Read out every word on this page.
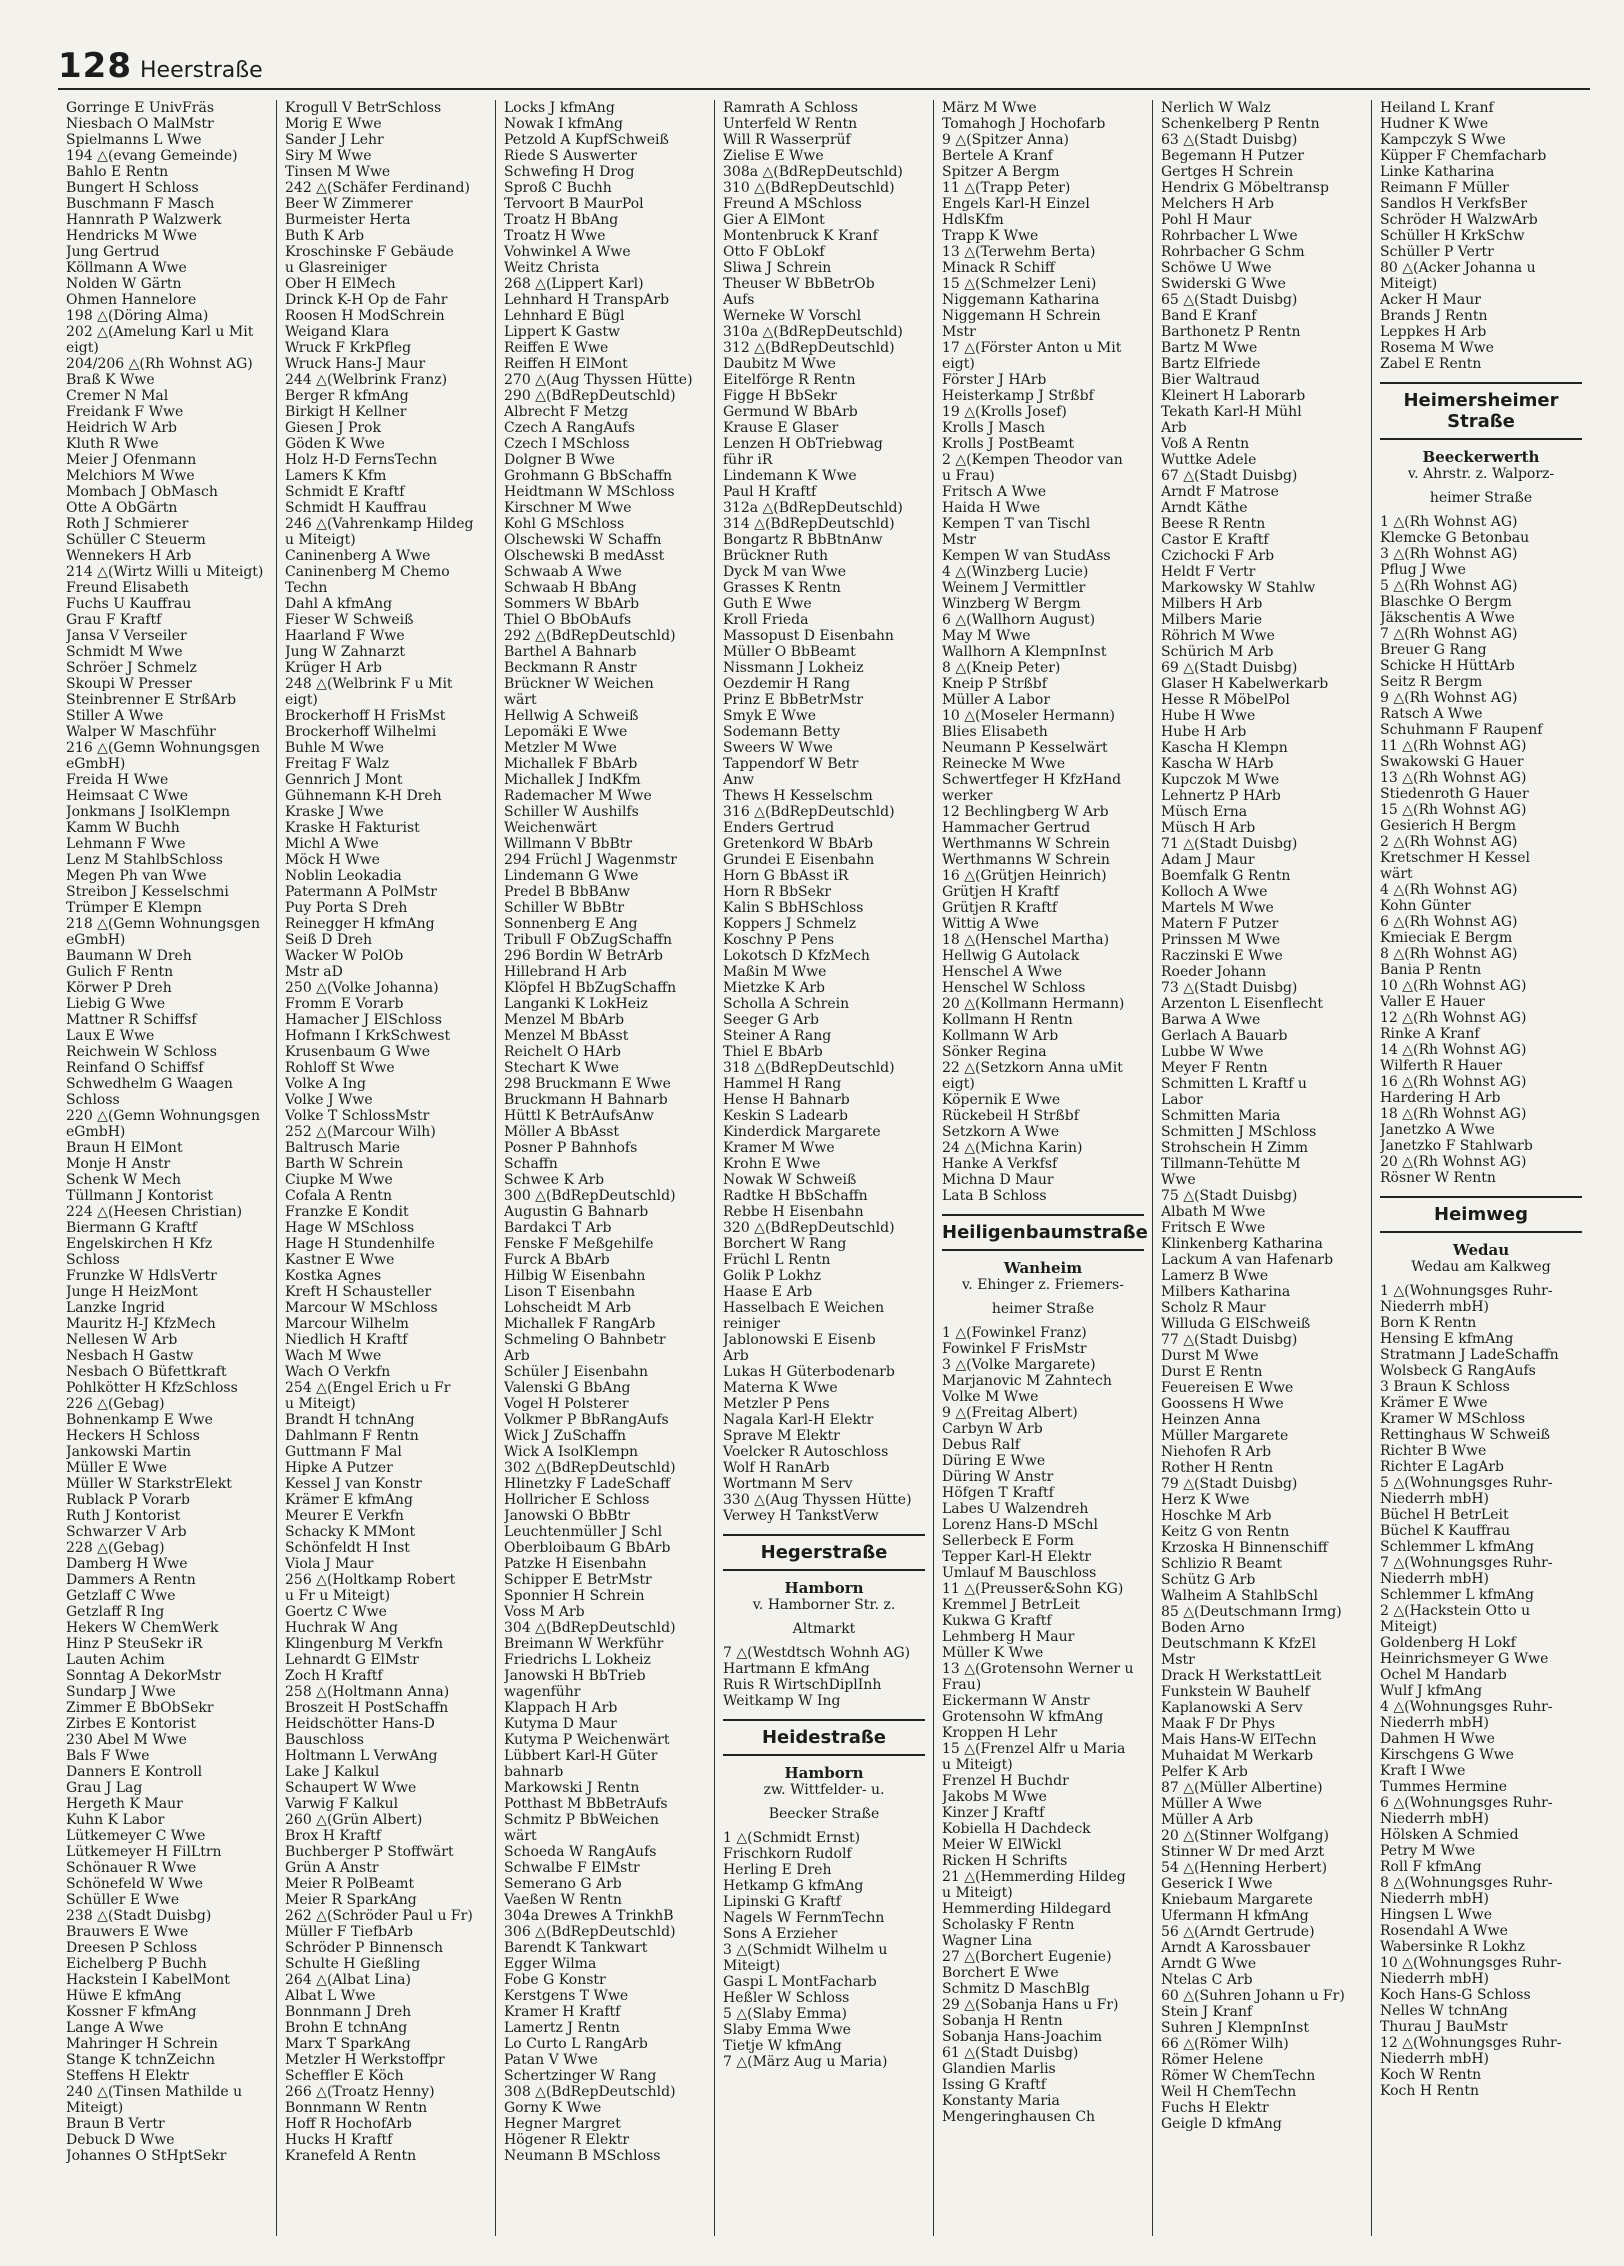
128 Heerstraße
Gorringe E UnivFräs
Niesbach O MalMstr
Spielmanns L Wwe
194 △(evang Gemeinde)
Bahlo E Rentn
Bungert H Schloss
Buschmann F Masch
Hannrath P Walzwerk
Hendricks M Wwe
Jung Gertrud
Köllmann A Wwe
Nolden W Gärtn
Ohmen Hannelore
198 △(Döring Alma)
202 △(Amelung Karl u Mit
eigt)
204/206 △(Rh Wohnst AG)
Braß K Wwe
Cremer N Mal
Freidank F Wwe
Heidrich W Arb
Kluth R Wwe
Meier J Ofenmann
Melchiors M Wwe
Mombach J ObMasch
Otte A ObGärtn
Roth J Schmierer
Schüller C Steuerm
Wennekers H Arb
214 △(Wirtz Willi u Miteigt)
Freund Elisabeth
Fuchs U Kauffrau
Grau F Kraftf
Jansa V Verseiler
Schmidt M Wwe
Schröer J Schmelz
Skoupi W Presser
Steinbrenner E StrßArb
Stiller A Wwe
Walper W Maschführ
216 △(Gemn Wohnungsgen
eGmbH)
Freida H Wwe
Heimsaat C Wwe
Jonkmans J IsolKlempn
Kamm W Buchh
Lehmann F Wwe
Lenz M StahlbSchloss
Megen Ph van Wwe
Streibon J Kesselschmi
Trümper E Klempn
218 △(Gemn Wohnungsgen
eGmbH)
Baumann W Dreh
Gulich F Rentn
Körwer P Dreh
Liebig G Wwe
Mattner R Schiffsf
Laux E Wwe
Reichwein W Schloss
Reinfand O Schiffsf
Schwedhelm G Waagen
Schloss
220 △(Gemn Wohnungsgen
eGmbH)
Braun H ElMont
Monje H Anstr
Schenk W Mech
Tüllmann J Kontorist
224 △(Heesen Christian)
Biermann G Kraftf
Engelskirchen H Kfz
Schloss
Frunzke W HdlsVertr
Junge H HeizMont
Lanzke Ingrid
Mauritz H-J KfzMech
Nellesen W Arb
Nesbach H Gastw
Nesbach O Büfettkraft
Pohlkötter H KfzSchloss
226 △(Gebag)
Bohnenkamp E Wwe
Heckers H Schloss
Jankowski Martin
Müller E Wwe
Müller W StarkstrElekt
Rublack P Vorarb
Ruth J Kontorist
Schwarzer V Arb
228 △(Gebag)
Damberg H Wwe
Dammers A Rentn
Getzlaff C Wwe
Getzlaff R Ing
Hekers W ChemWerk
Hinz P SteuSekr iR
Lauten Achim
Sonntag A DekorMstr
Sundarp J Wwe
Zimmer E BbObSekr
Zirbes E Kontorist
230 Abel M Wwe
Bals F Wwe
Danners E Kontroll
Grau J Lag
Hergeth K Maur
Kuhn K Labor
Lütkemeyer C Wwe
Lütkemeyer H FilLtrn
Schönauer R Wwe
Schönefeld W Wwe
Schüller E Wwe
238 △(Stadt Duisbg)
Brauwers E Wwe
Dreesen P Schloss
Eichelberg P Buchh
Hackstein I KabelMont
Hüwe E kfmAng
Kossner F kfmAng
Lange A Wwe
Mahringer H Schrein
Stange K tchnZeichn
Steffens H Elektr
240 △(Tinsen Mathilde u
Miteigt)
Braun B Vertr
Debuck D Wwe
Johannes O StHptSekr
Krogull V BetrSchloss
Morig E Wwe
Sander J Lehr
Siry M Wwe
Tinsen M Wwe
242 △(Schäfer Ferdinand)
Beer W Zimmerer
Burmeister Herta
Buth K Arb
Kroschinske F Gebäude
u Glasreiniger
Ober H ElMech
Drinck K-H Op de Fahr
Roosen H ModSchrein
Weigand Klara
Wruck F KrkPfleg
Wruck Hans-J Maur
244 △(Welbrink Franz)
Berger R kfmAng
Birkigt H Kellner
Giesen J Prok
Göden K Wwe
Holz H-D FernsTechn
Lamers K Kfm
Schmidt E Kraftf
Schmidt H Kauffrau
246 △(Vahrenkamp Hildeg
u Miteigt)
Caninenberg A Wwe
Caninenberg M Chemo
Techn
Dahl A kfmAng
Fieser W Schweiß
Haarland F Wwe
Jung W Zahnarzt
Krüger H Arb
248 △(Welbrink F u Mit
eigt)
Brockerhoff H FrisMst
Brockerhoff Wilhelmi
Buhle M Wwe
Freitag F Walz
Gennrich J Mont
Gühnemann K-H Dreh
Kraske J Wwe
Kraske H Fakturist
Michl A Wwe
Möck H Wwe
Noblin Leokadia
Patermann A PolMstr
Puy Porta S Dreh
Reinegger H kfmAng
Seiß D Dreh
Wacker W PolOb
Mstr aD
250 △(Volke Johanna)
Fromm E Vorarb
Hamacher J ElSchloss
Hofmann I KrkSchwest
Krusenbaum G Wwe
Rohloff St Wwe
Volke A Ing
Volke J Wwe
Volke T SchlossMstr
252 △(Marcour Wilh)
Baltrusch Marie
Barth W Schrein
Ciupke M Wwe
Cofala A Rentn
Franzke E Kondit
Hage W MSchloss
Hage H Stundenhilfe
Kastner E Wwe
Kostka Agnes
Kreft H Schausteller
Marcour W MSchloss
Marcour Wilhelm
Niedlich H Kraftf
Wach M Wwe
Wach O Verkfn
254 △(Engel Erich u Fr
u Miteigt)
Brandt H tchnAng
Dahlmann F Rentn
Guttmann F Mal
Hipke A Putzer
Kessel J van Konstr
Krämer E kfmAng
Meurer E Verkfn
Schacky K MMont
Schönfeldt H Inst
Viola J Maur
256 △(Holtkamp Robert
u Fr u Miteigt)
Goertz C Wwe
Huchrak W Ang
Klingenburg M Verkfn
Lehnardt G ElMstr
Zoch H Kraftf
258 △(Holtmann Anna)
Broszeit H PostSchaffn
Heidschötter Hans-D
Bauschloss
Holtmann L VerwAng
Lake J Kalkul
Schaupert W Wwe
Varwig F Kalkul
260 △(Grün Albert)
Brox H Kraftf
Buchberger P Stoffwärt
Grün A Anstr
Meier R PolBeamt
Meier R SparkAng
262 △(Schröder Paul u Fr)
Müller F TiefbArb
Schröder P Binnensch
Schulte H Gießling
264 △(Albat Lina)
Albat L Wwe
Bonnmann J Dreh
Brohn E tchnAng
Marx T SparkAng
Metzler H Werkstoffpr
Scheffler E Köch
266 △(Troatz Henny)
Bonnmann W Rentn
Hoff R HochofArb
Hucks H Kraftf
Kranefeld A Rentn
Locks J kfmAng
Nowak I kfmAng
Petzold A KupfSchweiß
Riede S Auswerter
Schwefing H Drog
Sproß C Buchh
Tervoort B MaurPol
Troatz H BbAng
Troatz H Wwe
Vohwinkel A Wwe
Weitz Christa
268 △(Lippert Karl)
Lehnhard H TranspArb
Lehnhard E Bügl
Lippert K Gastw
Reiffen E Wwe
Reiffen H ElMont
270 △(Aug Thyssen Hütte)
290 △(BdRepDeutschld)
Albrecht F Metzg
Czech A RangAufs
Czech I MSchloss
Dolgner B Wwe
Grohmann G BbSchaffn
Heidtmann W MSchloss
Kirschner M Wwe
Kohl G MSchloss
Olschewski W Schaffn
Olschewski B medAsst
Schwaab A Wwe
Schwaab H BbAng
Sommers W BbArb
Thiel O BbObAufs
292 △(BdRepDeutschld)
Barthel A Bahnarb
Beckmann R Anstr
Brückner W Weichen
wärt
Hellwig A Schweiß
Lepomäki E Wwe
Metzler M Wwe
Michallek F BbArb
Michallek J IndKfm
Rademacher M Wwe
Schiller W Aushilfs
Weichenwärt
Willmann V BbBtr
294 Früchl J Wagenmstr
Lindemann G Wwe
Predel B BbBAnw
Schiller W BbBtr
Sonnenberg E Ang
Tribull F ObZugSchaffn
296 Bordin W BetrArb
Hillebrand H Arb
Klöpfel H BbZugSchaffn
Langanki K LokHeiz
Menzel M BbArb
Menzel M BbAsst
Reichelt O HArb
Stechart K Wwe
298 Bruckmann E Wwe
Bruckmann H Bahnarb
Hüttl K BetrAufsAnw
Möller A BbAsst
Posner P Bahnhofs
Schaffn
Schwee K Arb
300 △(BdRepDeutschld)
Augustin G Bahnarb
Bardakci T Arb
Fenske F Meßgehilfe
Furck A BbArb
Hilbig W Eisenbahn
Lison T Eisenbahn
Lohscheidt M Arb
Michallek F RangArb
Schmeling O Bahnbetr
Arb
Schüler J Eisenbahn
Valenski G BbAng
Vogel H Polsterer
Volkmer P BbRangAufs
Wick J ZuSchaffn
Wick A IsolKlempn
302 △(BdRepDeutschld)
Hlinetzky F LadeSchaff
Hollricher E Schloss
Janowski O BbBtr
Leuchtenmüller J Schl
Oberbloibaum G BbArb
Patzke H Eisenbahn
Schipper E BetrMstr
Sponnier H Schrein
Voss M Arb
304 △(BdRepDeutschld)
Breimann W Werkführ
Friedrichs L Lokheiz
Janowski H BbTrieb
wagenführ
Klappach H Arb
Kutyma D Maur
Kutyma P Weichenwärt
Lübbert Karl-H Güter
bahnarb
Markowski J Rentn
Potthast M BbBetrAufs
Schmitz P BbWeichen
wärt
Schoeda W RangAufs
Schwalbe F ElMstr
Semerano G Arb
Vaeßen W Rentn
304a Drewes A TrinkhB
306 △(BdRepDeutschld)
Barendt K Tankwart
Egger Wilma
Fobe G Konstr
Kerstgens T Wwe
Kramer H Kraftf
Lamertz J Rentn
Lo Curto L RangArb
Patan V Wwe
Schertzinger W Rang
308 △(BdRepDeutschld)
Gorny K Wwe
Hegner Margret
Högener R Elektr
Neumann B MSchloss
Ramrath A Schloss
Unterfeld W Rentn
Will R Wasserprüf
Zielise E Wwe
308a △(BdRepDeutschld)
310 △(BdRepDeutschld)
Freund A MSchloss
Gier A ElMont
Montenbruck K Kranf
Otto F ObLokf
Sliwa J Schrein
Theuser W BbBetrOb
Aufs
Werneke W Vorschl
310a △(BdRepDeutschld)
312 △(BdRepDeutschld)
Daubitz M Wwe
Eitelförge R Rentn
Figge H BbSekr
Germund W BbArb
Krause E Glaser
Lenzen H ObTriebwag
führ iR
Lindemann K Wwe
Paul H Kraftf
312a △(BdRepDeutschld)
314 △(BdRepDeutschld)
Bongartz R BbBtnAnw
Brückner Ruth
Dyck M van Wwe
Grasses K Rentn
Guth E Wwe
Kroll Frieda
Massopust D Eisenbahn
Müller O BbBeamt
Nissmann J Lokheiz
Oezdemir H Rang
Prinz E BbBetrMstr
Smyk E Wwe
Sodemann Betty
Sweers W Wwe
Tappendorf W Betr
Anw
Thews H Kesselschm
316 △(BdRepDeutschld)
Enders Gertrud
Gretenkord W BbArb
Grundei E Eisenbahn
Horn G BbAsst iR
Horn R BbSekr
Kalin S BbHSchloss
Koppers J Schmelz
Koschny P Pens
Lokotsch D KfzMech
Maßin M Wwe
Mietzke K Arb
Scholla A Schrein
Seeger G Arb
Steiner A Rang
Thiel E BbArb
318 △(BdRepDeutschld)
Hammel H Rang
Hense H Bahnarb
Keskin S Ladearb
Kinderdick Margarete
Kramer M Wwe
Krohn E Wwe
Nowak W Schweiß
Radtke H BbSchaffn
Rebbe H Eisenbahn
320 △(BdRepDeutschld)
Borchert W Rang
Früchl L Rentn
Golik P Lokhz
Haase E Arb
Hasselbach E Weichen
reiniger
Jablonowski E Eisenb
Arb
Lukas H Güterbodenarb
Materna K Wwe
Metzler P Pens
Nagala Karl-H Elektr
Sprave M Elektr
Voelcker R Autoschloss
Wolf H RanArb
Wortmann M Serv
330 △(Aug Thyssen Hütte)
Verwey H TankstVerw
Hegerstraße
Hamborn
v. Hamborner Str. z.
Altmarkt
7 △(Westdtsch Wohnh AG)
Hartmann E kfmAng
Ruis R WirtschDiplInh
Weitkamp W Ing
Heidestraße
Hamborn
zw. Wittfelder- u.
Beecker Straße
1 △(Schmidt Ernst)
Frischkorn Rudolf
Herling E Dreh
Hetkamp G kfmAng
Lipinski G Kraftf
Nagels W FernmTechn
Sons A Erzieher
3 △(Schmidt Wilhelm u
Miteigt)
Gaspi L MontFacharb
Heßler W Schloss
5 △(Slaby Emma)
Slaby Emma Wwe
Tietje W kfmAng
7 △(März Aug u Maria)
März M Wwe
Tomahogh J Hochofarb
9 △(Spitzer Anna)
Bertele A Kranf
Spitzer A Bergm
11 △(Trapp Peter)
Engels Karl-H Einzel
HdlsKfm
Trapp K Wwe
13 △(Terwehm Berta)
Minack R Schiff
15 △(Schmelzer Leni)
Niggemann Katharina
Niggemann H Schrein
Mstr
17 △(Förster Anton u Mit
eigt)
Förster J HArb
Heisterkamp J Strßbf
19 △(Krolls Josef)
Krolls J Masch
Krolls J PostBeamt
2 △(Kempen Theodor van
u Frau)
Fritsch A Wwe
Haida H Wwe
Kempen T van Tischl
Mstr
Kempen W van StudAss
4 △(Winzberg Lucie)
Weinem J Vermittler
Winzberg W Bergm
6 △(Wallhorn August)
May M Wwe
Wallhorn A KlempnInst
8 △(Kneip Peter)
Kneip P Strßbf
Müller A Labor
10 △(Moseler Hermann)
Blies Elisabeth
Neumann P Kesselwärt
Reinecke M Wwe
Schwertfeger H KfzHand
werker
12 Bechlingberg W Arb
Hammacher Gertrud
Werthmanns W Schrein
Werthmanns W Schrein
16 △(Grütjen Heinrich)
Grütjen H Kraftf
Grütjen R Kraftf
Wittig A Wwe
18 △(Henschel Martha)
Hellwig G Autolack
Henschel A Wwe
Henschel W Schloss
20 △(Kollmann Hermann)
Kollmann H Rentn
Kollmann W Arb
Sönker Regina
22 △(Setzkorn Anna uMit
eigt)
Köpernik E Wwe
Rückebeil H Strßbf
Setzkorn A Wwe
24 △(Michna Karin)
Hanke A Verkfsf
Michna D Maur
Lata B Schloss
Heiligenbaumstraße
Wanheim
v. Ehinger z. Friemers-
heimer Straße
1 △(Fowinkel Franz)
Fowinkel F FrisMstr
3 △(Volke Margarete)
Marjanovic M Zahntech
Volke M Wwe
9 △(Freitag Albert)
Carbyn W Arb
Debus Ralf
Düring E Wwe
Düring W Anstr
Höfgen T Kraftf
Labes U Walzendreh
Lorenz Hans-D MSchl
Sellerbeck E Form
Tepper Karl-H Elektr
Umlauf M Bauschloss
11 △(Preusser&Sohn KG)
Kremmel J BetrLeit
Kukwa G Kraftf
Lehmberg H Maur
Müller K Wwe
13 △(Grotensohn Werner u
Frau)
Eickermann W Anstr
Grotensohn W kfmAng
Kroppen H Lehr
15 △(Frenzel Alfr u Maria
u Miteigt)
Frenzel H Buchdr
Jakobs M Wwe
Kinzer J Kraftf
Kobiella H Dachdeck
Meier W ElWickl
Ricken H Schrifts
21 △(Hemmerding Hildeg
u Miteigt)
Hemmerding Hildegard
Scholasky F Rentn
Wagner Lina
27 △(Borchert Eugenie)
Borchert E Wwe
Schmitz D MaschBlg
29 △(Sobanja Hans u Fr)
Sobanja H Rentn
Sobanja Hans-Joachim
61 △(Stadt Duisbg)
Glandien Marlis
Issing G Kraftf
Konstanty Maria
Mengeringhausen Ch
Nerlich W Walz
Schenkelberg P Rentn
63 △(Stadt Duisbg)
Begemann H Putzer
Gertges H Schrein
Hendrix G Möbeltransp
Melchers H Arb
Pohl H Maur
Rohrbacher L Wwe
Rohrbacher G Schm
Schöwe U Wwe
Swiderski G Wwe
65 △(Stadt Duisbg)
Band E Kranf
Barthonetz P Rentn
Bartz M Wwe
Bartz Elfriede
Bier Waltraud
Kleinert H Laborarb
Tekath Karl-H Mühl
Arb
Voß A Rentn
Wuttke Adele
67 △(Stadt Duisbg)
Arndt F Matrose
Arndt Käthe
Beese R Rentn
Castor E Kraftf
Czichocki F Arb
Heldt F Vertr
Markowsky W Stahlw
Milbers H Arb
Milbers Marie
Röhrich M Wwe
Schürich M Arb
69 △(Stadt Duisbg)
Glaser H Kabelwerkarb
Hesse R MöbelPol
Hube H Wwe
Hube H Arb
Kascha H Klempn
Kascha W HArb
Kupczok M Wwe
Lehnertz P HArb
Müsch Erna
Müsch H Arb
71 △(Stadt Duisbg)
Adam J Maur
Boemfalk G Rentn
Kolloch A Wwe
Martels M Wwe
Matern F Putzer
Prinssen M Wwe
Raczinski E Wwe
Roeder Johann
73 △(Stadt Duisbg)
Arzenton L Eisenflecht
Barwa A Wwe
Gerlach A Bauarb
Lubbe W Wwe
Meyer F Rentn
Schmitten L Kraftf u
Labor
Schmitten Maria
Schmitten J MSchloss
Strohschein H Zimm
Tillmann-Tehütte M
Wwe
75 △(Stadt Duisbg)
Albath M Wwe
Fritsch E Wwe
Klinkenberg Katharina
Lackum A van Hafenarb
Lamerz B Wwe
Milbers Katharina
Scholz R Maur
Willuda G ElSchweiß
77 △(Stadt Duisbg)
Durst M Wwe
Durst E Rentn
Feuereisen E Wwe
Goossens H Wwe
Heinzen Anna
Müller Margarete
Niehofen R Arb
Rother H Rentn
79 △(Stadt Duisbg)
Herz K Wwe
Hoschke M Arb
Keitz G von Rentn
Krzoska H Binnenschiff
Schlizio R Beamt
Schütz G Arb
Walheim A StahlbSchl
85 △(Deutschmann Irmg)
Boden Arno
Deutschmann K KfzEl
Mstr
Drack H WerkstattLeit
Funkstein W Bauhelf
Kaplanowski A Serv
Maak F Dr Phys
Mais Hans-W ElTechn
Muhaidat M Werkarb
Pelfer K Arb
87 △(Müller Albertine)
Müller A Wwe
Müller A Arb
20 △(Stinner Wolfgang)
Stinner W Dr med Arzt
54 △(Henning Herbert)
Geserick I Wwe
Kniebaum Margarete
Ufermann H kfmAng
56 △(Arndt Gertrude)
Arndt A Karossbauer
Arndt G Wwe
Ntelas C Arb
60 △(Suhren Johann u Fr)
Stein J Kranf
Suhren J KlempnInst
66 △(Römer Wilh)
Römer Helene
Römer W ChemTechn
Weil H ChemTechn
Fuchs H Elektr
Geigle D kfmAng
Heiland L Kranf
Hudner K Wwe
Kampczyk S Wwe
Küpper F Chemfacharb
Linke Katharina
Reimann F Müller
Sandlos H VerkfsBer
Schröder H WalzwArb
Schüller H KrkSchw
Schüller P Vertr
80 △(Acker Johanna u
Miteigt)
Acker H Maur
Brands J Rentn
Leppkes H Arb
Rosema M Wwe
Zabel E Rentn
Heimersheimer Straße
Beeckerwerth
v. Ahrstr. z. Walporz-
heimer Straße
1 △(Rh Wohnst AG)
Klemcke G Betonbau
3 △(Rh Wohnst AG)
Pflug J Wwe
5 △(Rh Wohnst AG)
Blaschke O Bergm
Jäkschentis A Wwe
7 △(Rh Wohnst AG)
Breuer G Rang
Schicke H HüttArb
Seitz R Bergm
9 △(Rh Wohnst AG)
Ratsch A Wwe
Schuhmann F Raupenf
11 △(Rh Wohnst AG)
Swakowski G Hauer
13 △(Rh Wohnst AG)
Stiedenroth G Hauer
15 △(Rh Wohnst AG)
Gesierich H Bergm
2 △(Rh Wohnst AG)
Kretschmer H Kessel
wärt
4 △(Rh Wohnst AG)
Kohn Günter
6 △(Rh Wohnst AG)
Kmieciak E Bergm
8 △(Rh Wohnst AG)
Bania P Rentn
10 △(Rh Wohnst AG)
Valler E Hauer
12 △(Rh Wohnst AG)
Rinke A Kranf
14 △(Rh Wohnst AG)
Wilferth R Hauer
16 △(Rh Wohnst AG)
Hardering H Arb
18 △(Rh Wohnst AG)
Janetzko A Wwe
Janetzko F Stahlwarb
20 △(Rh Wohnst AG)
Rösner W Rentn
Heimweg
Wedau
Wedau am Kalkweg
1 △(Wohnungsges Ruhr-
Niederrh mbH)
Born K Rentn
Hensing E kfmAng
Stratmann J LadeSchaffn
Wolsbeck G RangAufs
3 Braun K Schloss
Krämer E Wwe
Kramer W MSchloss
Rettinghaus W Schweiß
Richter B Wwe
Richter E LagArb
5 △(Wohnungsges Ruhr-
Niederrh mbH)
Büchel H BetrLeit
Büchel K Kauffrau
Schlemmer L kfmAng
7 △(Wohnungsges Ruhr-
Niederrh mbH)
Schlemmer L kfmAng
2 △(Hackstein Otto u
Miteigt)
Goldenberg H Lokf
Heinrichsmeyer G Wwe
Ochel M Handarb
Wulf J kfmAng
4 △(Wohnungsges Ruhr-
Niederrh mbH)
Dahmen H Wwe
Kirschgens G Wwe
Kraft I Wwe
Tummes Hermine
6 △(Wohnungsges Ruhr-
Niederrh mbH)
Hölsken A Schmied
Petry M Wwe
Roll F kfmAng
8 △(Wohnungsges Ruhr-
Niederrh mbH)
Hingsen L Wwe
Rosendahl A Wwe
Wabersinke R Lokhz
10 △(Wohnungsges Ruhr-
Niederrh mbH)
Koch Hans-G Schloss
Nelles W tchnAng
Thurau J BauMstr
12 △(Wohnungsges Ruhr-
Niederrh mbH)
Koch W Rentn
Koch H Rentn
